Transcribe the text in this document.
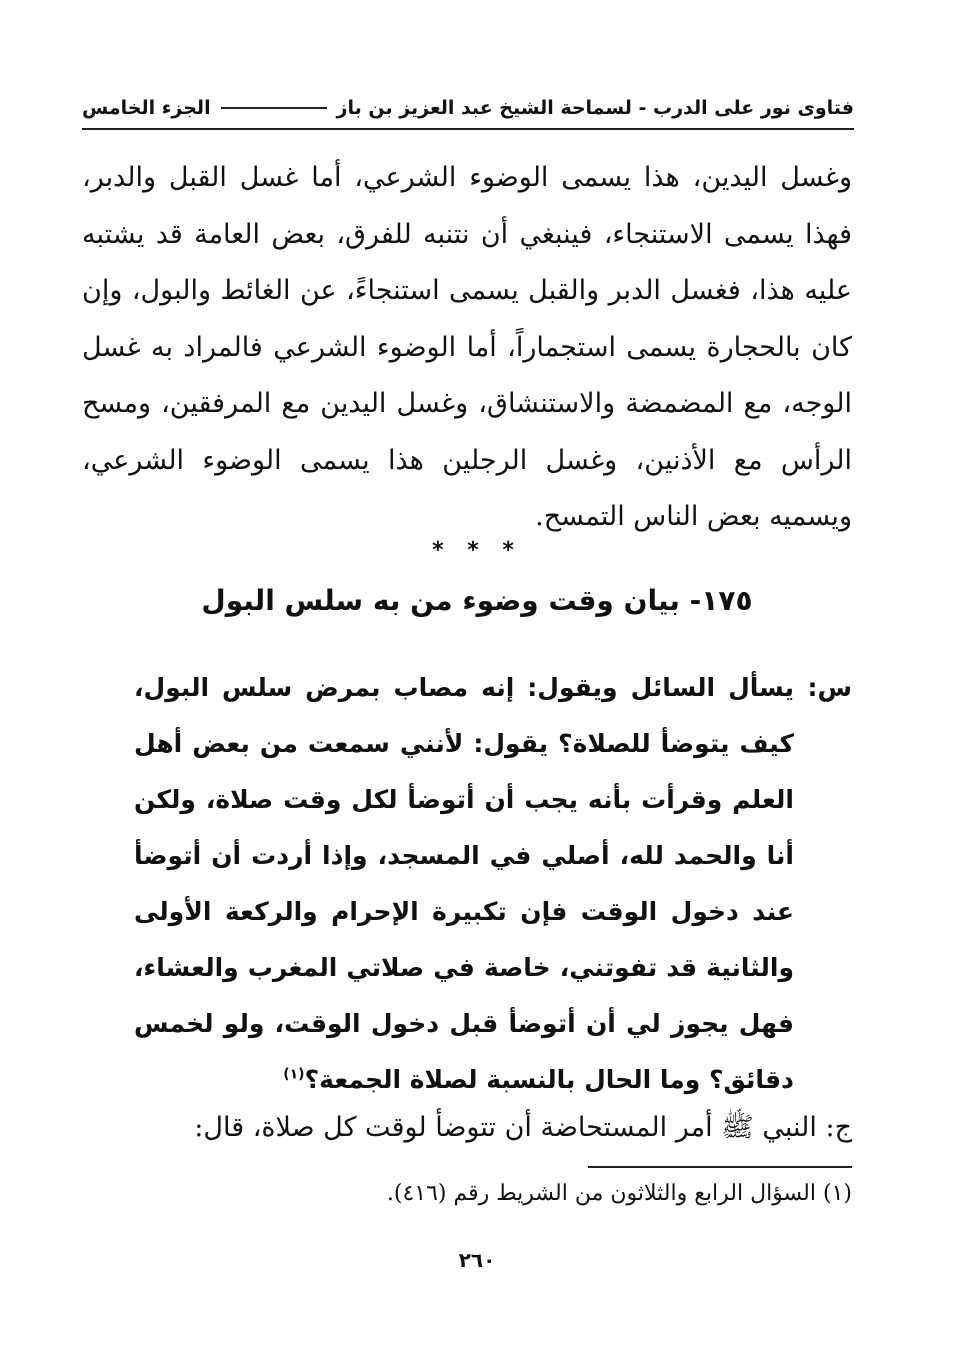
فتاوى نور على الدرب - لسماحة الشيخ عبد العزيز بن باز
الجزء الخامس
وغسل اليدين، هذا يسمى الوضوء الشرعي، أما غسل القبل والدبر، فهذا يسمى الاستنجاء، فينبغي أن نتنبه للفرق، بعض العامة قد يشتبه عليه هذا، فغسل الدبر والقبل يسمى استنجاءً، عن الغائط والبول، وإن كان بالحجارة يسمى استجماراً، أما الوضوء الشرعي فالمراد به غسل الوجه، مع المضمضة والاستنشاق، وغسل اليدين مع المرفقين، ومسح الرأس مع الأذنين، وغسل الرجلين هذا يسمى الوضوء الشرعي، ويسميه بعض الناس التمسح.
* * *
١٧٥- بيان وقت وضوء من به سلس البول
س:
يسأل السائل ويقول: إنه مصاب بمرض سلس البول، كيف يتوضأ للصلاة؟ يقول: لأنني سمعت من بعض أهل العلم وقرأت بأنه يجب أن أتوضأ لكل وقت صلاة، ولكن أنا والحمد لله، أصلي في المسجد، وإذا أردت أن أتوضأ عند دخول الوقت فإن تكبيرة الإحرام والركعة الأولى والثانية قد تفوتني، خاصة في صلاتي المغرب والعشاء، فهل يجوز لي أن أتوضأ قبل دخول الوقت، ولو لخمس دقائق؟ وما الحال بالنسبة لصلاة الجمعة؟$^{(١)}$
ج: النبي ﷺ أمر المستحاضة أن تتوضأ لوقت كل صلاة، قال:
(١) السؤال الرابع والثلاثون من الشريط رقم (٤١٦).
٢٦٠
